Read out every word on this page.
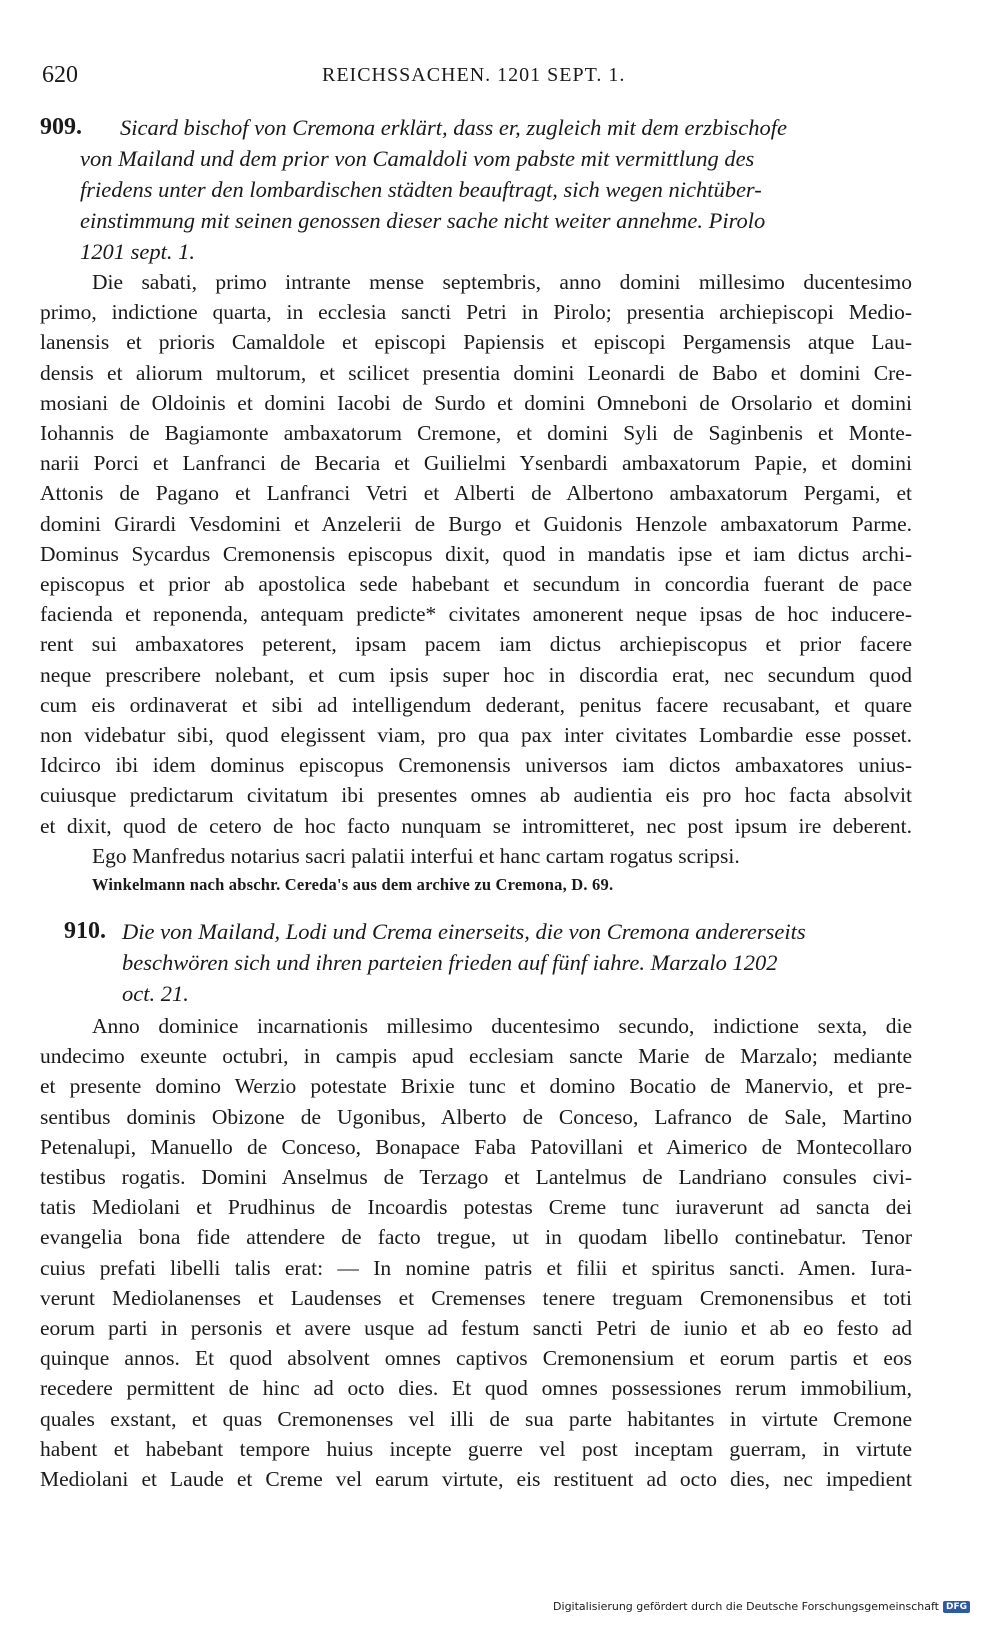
620	REICHSSACHEN. 1201 SEPT. 1.
909.	Sicard bischof von Cremona erklärt, dass er, zugleich mit dem erzbischofe
von Mailand und dem prior von Camaldoli vom pabste mit vermittlung des
friedens unter den lombardischen städten beauftragt, sich wegen nichtüber-
einstimmung mit seinen genossen dieser sache nicht weiter annehme. Pirolo
1201 sept. 1.
Die sabati, primo intrante mense septembris, anno domini millesimo ducentesimo
primo, indictione quarta, in ecclesia sancti Petri in Pirolo; presentia archiepiscopi Medio-
lanensis et prioris Camaldole et episcopi Papiensis et episcopi Pergamensis atque Lau-
densis et aliorum multorum, et scilicet presentia domini Leonardi de Babo et domini Cre-
mosiani de Oldoinis et domini Iacobi de Surdo et domini Omneboni de Orsolario et domini
Iohannis de Bagiamonte ambaxatorum Cremone, et domini Syli de Saginbenis et Monte-
narii Porci et Lanfranci de Becaria et Guilielmi Ysenbardi ambaxatorum Papie, et domini
Attonis de Pagano et Lanfranci Vetri et Alberti de Albertono ambaxatorum Pergami, et
domini Girardi Vesdomini et Anzelerii de Burgo et Guidonis Henzole ambaxatorum Parme.
Dominus Sycardus Cremonensis episcopus dixit, quod in mandatis ipse et iam dictus archi-
episcopus et prior ab apostolica sede habebant et secundum in concordia fuerant de pace
facienda et reponenda, antequam predicte* civitates amonerent neque ipsas de hoc inducere-
rent sui ambaxatores peterent, ipsam pacem iam dictus archiepiscopus et prior facere
neque prescribere nolebant, et cum ipsis super hoc in discordia erat, nec secundum quod
cum eis ordinaverat et sibi ad intelligendum dederant, penitus facere recusabant, et quare
non videbatur sibi, quod elegissent viam, pro qua pax inter civitates Lombardie esse posset.
Idcirco ibi idem dominus episcopus Cremonensis universos iam dictos ambaxatores unius-
cuiusque predictarum civitatum ibi presentes omnes ab audientia eis pro hoc facta absolvit
et dixit, quod de cetero de hoc facto nunquam se intromitteret, nec post ipsum ire deberent.
Ego Manfredus notarius sacri palatii interfui et hanc cartam rogatus scripsi.
Winkelmann nach abschr. Cereda's aus dem archive zu Cremona, D. 69.
910. Die von Mailand, Lodi und Crema einerseits, die von Cremona andererseits
beschwören sich und ihren parteien frieden auf fünf iahre. Marzalo 1202
oct. 21.
Anno dominice incarnationis millesimo ducentesimo secundo, indictione sexta, die
undecimo exeunte octubri, in campis apud ecclesiam sancte Marie de Marzalo; mediante
et presente domino Werzio potestate Brixie tunc et domino Bocatio de Manervio, et pre-
sentibus dominis Obizone de Ugonibus, Alberto de Conceso, Lafranco de Sale, Martino
Petenalupi, Manuello de Conceso, Bonapace Faba Patovillani et Aimerico de Montecollaro
testibus rogatis. Domini Anselmus de Terzago et Lantelmus de Landriano consules civi-
tatis Mediolani et Prudhinus de Incoardis potestas Creme tunc iuraverunt ad sancta dei
evangelia bona fide attendere de facto tregue, ut in quodam libello continebatur. Tenor
cuius prefati libelli talis erat: — In nomine patris et filii et spiritus sancti. Amen. Iura-
verunt Mediolanenses et Laudenses et Cremenses tenere treguam Cremonensibus et toti
eorum parti in personis et avere usque ad festum sancti Petri de iunio et ab eo festo ad
quinque annos. Et quod absolvent omnes captivos Cremonensium et eorum partis et eos
recedere permittent de hinc ad octo dies. Et quod omnes possessiones rerum immobilium,
quales exstant, et quas Cremonenses vel illi de sua parte habitantes in virtute Cremone
habent et habebant tempore huius incepte guerre vel post inceptam guerram, in virtute
Mediolani et Laude et Creme vel earum virtute, eis restituent ad octo dies, nec impedient
Digitalisierung gefördert durch die Deutsche Forschungsgemeinschaft DFG
